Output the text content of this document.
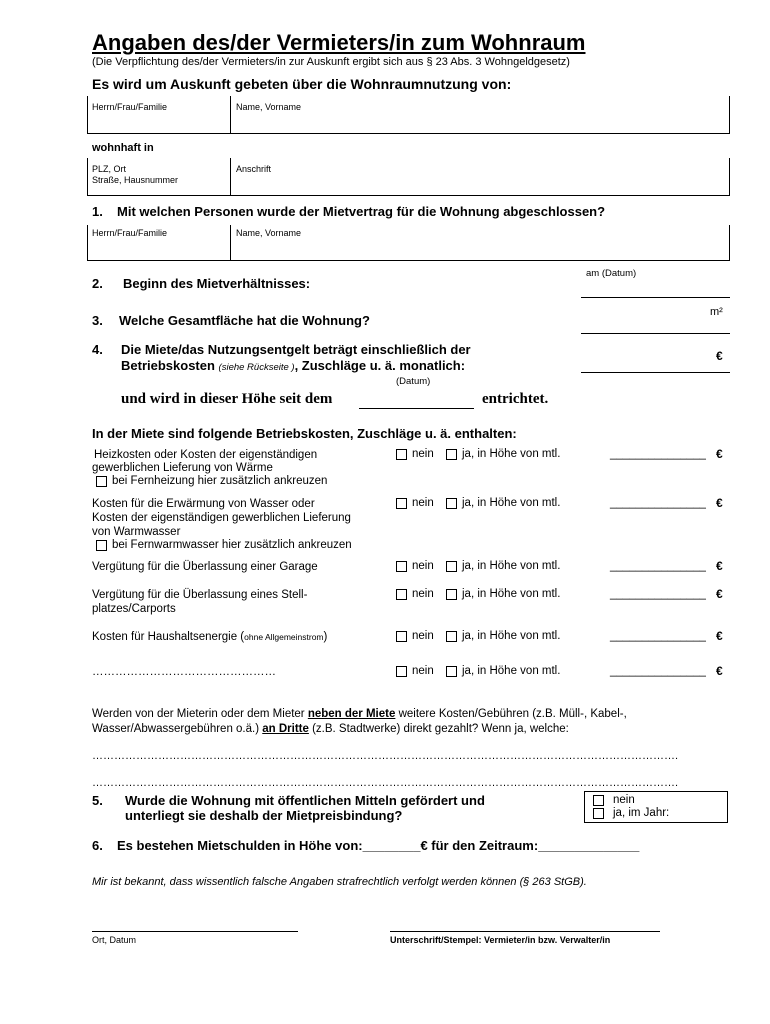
Angaben des/der Vermieters/in zum Wohnraum
(Die Verpflichtung des/der Vermieters/in zur Auskunft ergibt sich aus § 23 Abs. 3 Wohngeldgesetz)
Es wird um Auskunft gebeten über die Wohnraumnutzung von:
Herrn/Frau/Familie	Name, Vorname
wohnhaft in
PLZ, Ort
Straße, Hausnummer
Anschrift
1. Mit welchen Personen wurde der Mietvertrag für die Wohnung abgeschlossen?
Herrn/Frau/Familie	Name, Vorname
2. Beginn des Mietverhältnisses:
am (Datum)
3. Welche Gesamtfläche hat die Wohnung?
m²
4. Die Miete/das Nutzungsentgelt beträgt einschließlich der
Betriebskosten (siehe Rückseite ), Zuschläge u. ä. monatlich:
€
(Datum)
und wird in dieser Höhe seit dem	entrichtet.
In der Miete sind folgende Betriebskosten, Zuschläge u. ä. enthalten:
Heizkosten oder Kosten der eigenständigen
gewerblichen Lieferung von Wärme
bei Fernheizung hier zusätzlich ankreuzen
nein ja, in Höhe von mtl.	_______________ €
Kosten für die Erwärmung von Wasser oder
Kosten der eigenständigen gewerblichen Lieferung
von Warmwasser
bei Fernwarmwasser hier zusätzlich ankreuzen
nein ja, in Höhe von mtl.	_______________ €
Vergütung für die Überlassung einer Garage	nein ja, in Höhe von mtl.	_______________ €
Vergütung für die Überlassung eines Stell-
platzes/Carports
nein ja, in Höhe von mtl.	_______________ €
Kosten für Haushaltsenergie (ohne Allgemeinstrom)	nein ja, in Höhe von mtl.	_______________ €
…………………………………………	nein ja, in Höhe von mtl.	_______________ €
Werden von der Mieterin oder dem Mieter neben der Miete weitere Kosten/Gebühren (z.B. Müll-, Kabel-,
Wasser/Abwassergebühren o.ä.) an Dritte (z.B. Stadtwerke) direkt gezahlt? Wenn ja, welche:
…………………………………………………………………………………………………………………………………………….
…………………………………………………………………………………………………………………………………………….
5. Wurde die Wohnung mit öffentlichen Mitteln gefördert und
unterliegt sie deshalb der Mietpreisbindung?
nein
ja, im Jahr:
6. Es bestehen Mietschulden in Höhe von:________€ für den Zeitraum:______________
Mir ist bekannt, dass wissentlich falsche Angaben strafrechtlich verfolgt werden können (§ 263 StGB).
Ort, Datum	Unterschrift/Stempel: Vermieter/in bzw. Verwalter/in
